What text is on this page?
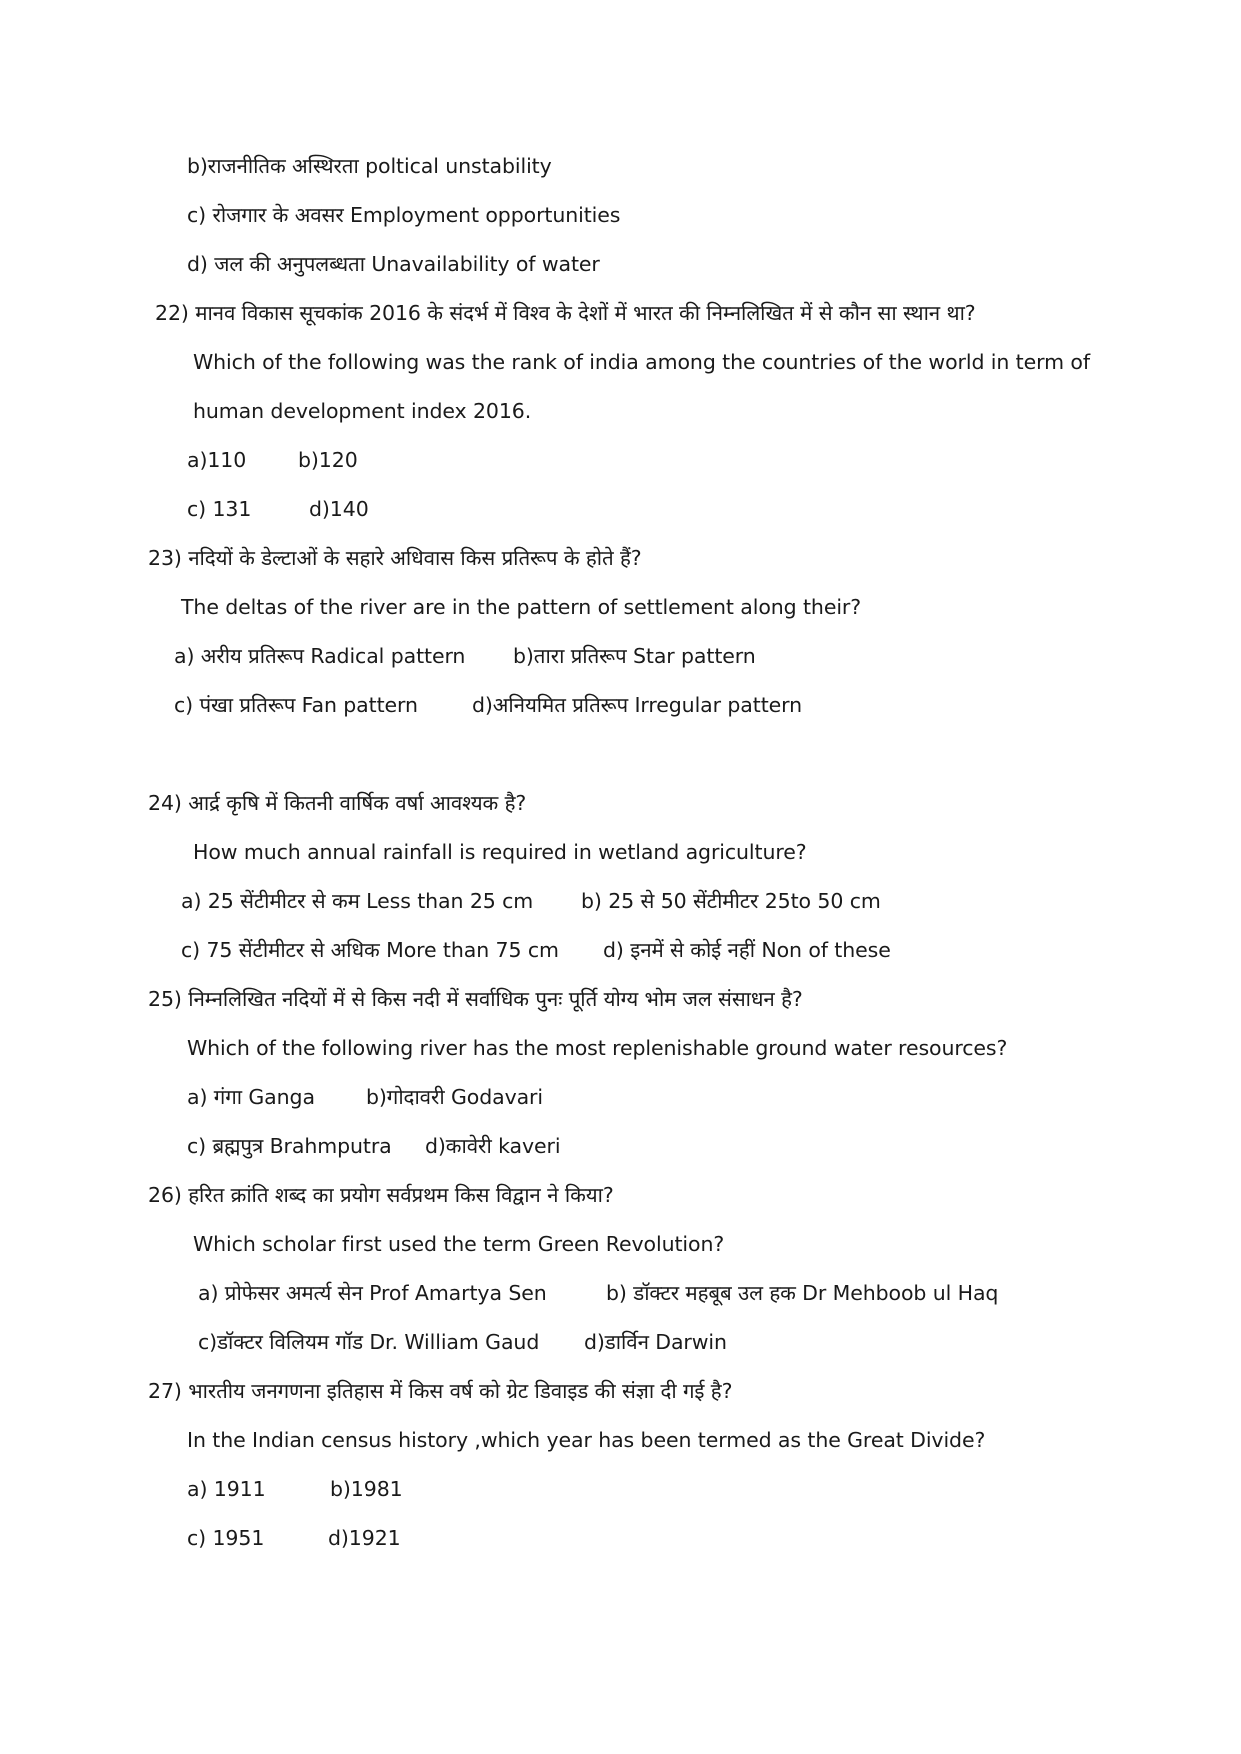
b)राजनीतिक अस्थिरता poltical unstability
c) रोजगार के अवसर Employment opportunities
d) जल की अनुपलब्धता Unavailability of water
22) मानव विकास सूचकांक 2016 के संदर्भ में विश्व के देशों में भारत की निम्नलिखित में से कौन सा स्थान था?
Which of the following was the rank of india among the countries of the world in term of
human development index 2016.
a)110	b)120
c) 131	d)140
23) नदियों के डेल्टाओं के सहारे अधिवास किस प्रतिरूप के होते हैं?
The deltas of the river are in the pattern of settlement along their?
a) अरीय प्रतिरूप Radical pattern b)तारा प्रतिरूप Star pattern
c) पंखा प्रतिरूप Fan pattern	d)अनियमित प्रतिरूप Irregular pattern
24) आर्द्र कृषि में कितनी वार्षिक वर्षा आवश्यक है?
How much annual rainfall is required in wetland agriculture?
a) 25 सेंटीमीटर से कम Less than 25 cm b) 25 से 50 सेंटीमीटर 25to 50 cm
c) 75 सेंटीमीटर से अधिक More than 75 cm d) इनमें से कोई नहीं Non of these
25) निम्नलिखित नदियों में से किस नदी में सर्वाधिक पुनः पूर्ति योग्य भोम जल संसाधन है?
Which of the following river has the most replenishable ground water resources?
a) गंगा Ganga b)गोदावरी Godavari
c) ब्रह्मपुत्र Brahmputra d)कावेरी kaveri
26) हरित क्रांति शब्द का प्रयोग सर्वप्रथम किस विद्वान ने किया?
Which scholar first used the term Green Revolution?
a) प्रोफेसर अमर्त्य सेन Prof Amartya Sen	b) डॉक्टर महबूब उल हक Dr Mehboob ul Haq
c)डॉक्टर विलियम गॉड Dr. William Gaud d)डार्विन Darwin
27) भारतीय जनगणना इतिहास में किस वर्ष को ग्रेट डिवाइड की संज्ञा दी गई है?
In the Indian census history ,which year has been termed as the Great Divide?
a) 1911	b)1981
c) 1951	d)1921
